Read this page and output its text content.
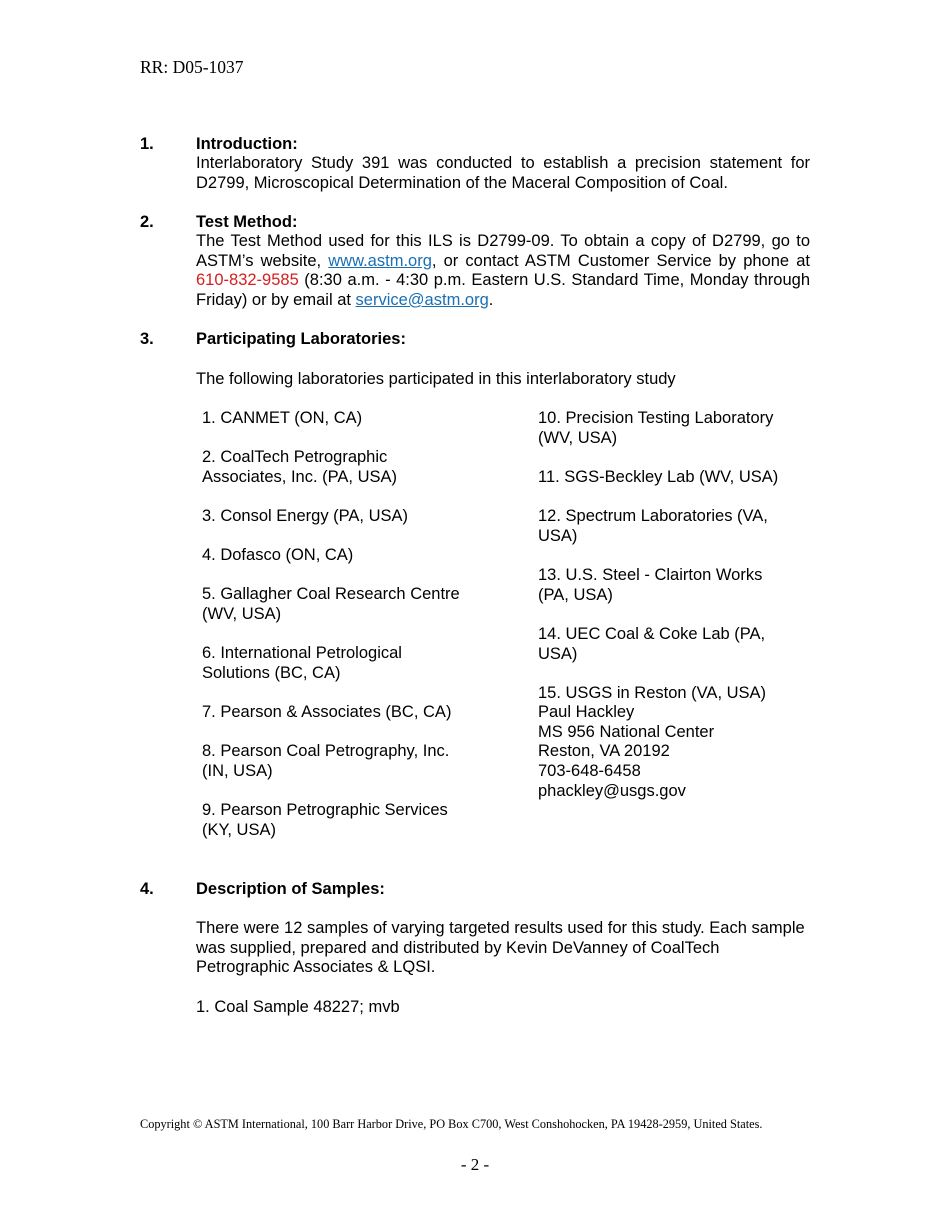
RR: D05-1037
1.	Introduction:
Interlaboratory Study 391 was conducted to establish a precision statement for D2799, Microscopical Determination of the Maceral Composition of Coal.
2.	Test Method:
The Test Method used for this ILS is D2799-09. To obtain a copy of D2799, go to ASTM’s website, www.astm.org, or contact ASTM Customer Service by phone at 610-832-9585 (8:30 a.m. - 4:30 p.m. Eastern U.S. Standard Time, Monday through Friday) or by email at service@astm.org.
3.	Participating Laboratories:
The following laboratories participated in this interlaboratory study
1. CANMET (ON, CA)
2. CoalTech Petrographic Associates, Inc. (PA, USA)
3. Consol Energy (PA, USA)
4. Dofasco (ON, CA)
5. Gallagher Coal Research Centre (WV, USA)
6. International Petrological Solutions (BC, CA)
7. Pearson & Associates (BC, CA)
8. Pearson Coal Petrography, Inc. (IN, USA)
9. Pearson Petrographic Services (KY, USA)
10. Precision Testing Laboratory (WV, USA)
11. SGS-Beckley Lab (WV, USA)
12. Spectrum Laboratories (VA, USA)
13. U.S. Steel - Clairton Works (PA, USA)
14. UEC Coal & Coke Lab (PA, USA)
15. USGS in Reston (VA, USA)
Paul Hackley
MS 956 National Center
Reston, VA 20192
703-648-6458
phackley@usgs.gov
4.	Description of Samples:
There were 12 samples of varying targeted results used for this study. Each sample was supplied, prepared and distributed by Kevin DeVanney of CoalTech Petrographic Associates & LQSI.
1. Coal Sample 48227; mvb
Copyright © ASTM International, 100 Barr Harbor Drive, PO Box C700, West Conshohocken, PA 19428-2959, United States.
- 2 -
